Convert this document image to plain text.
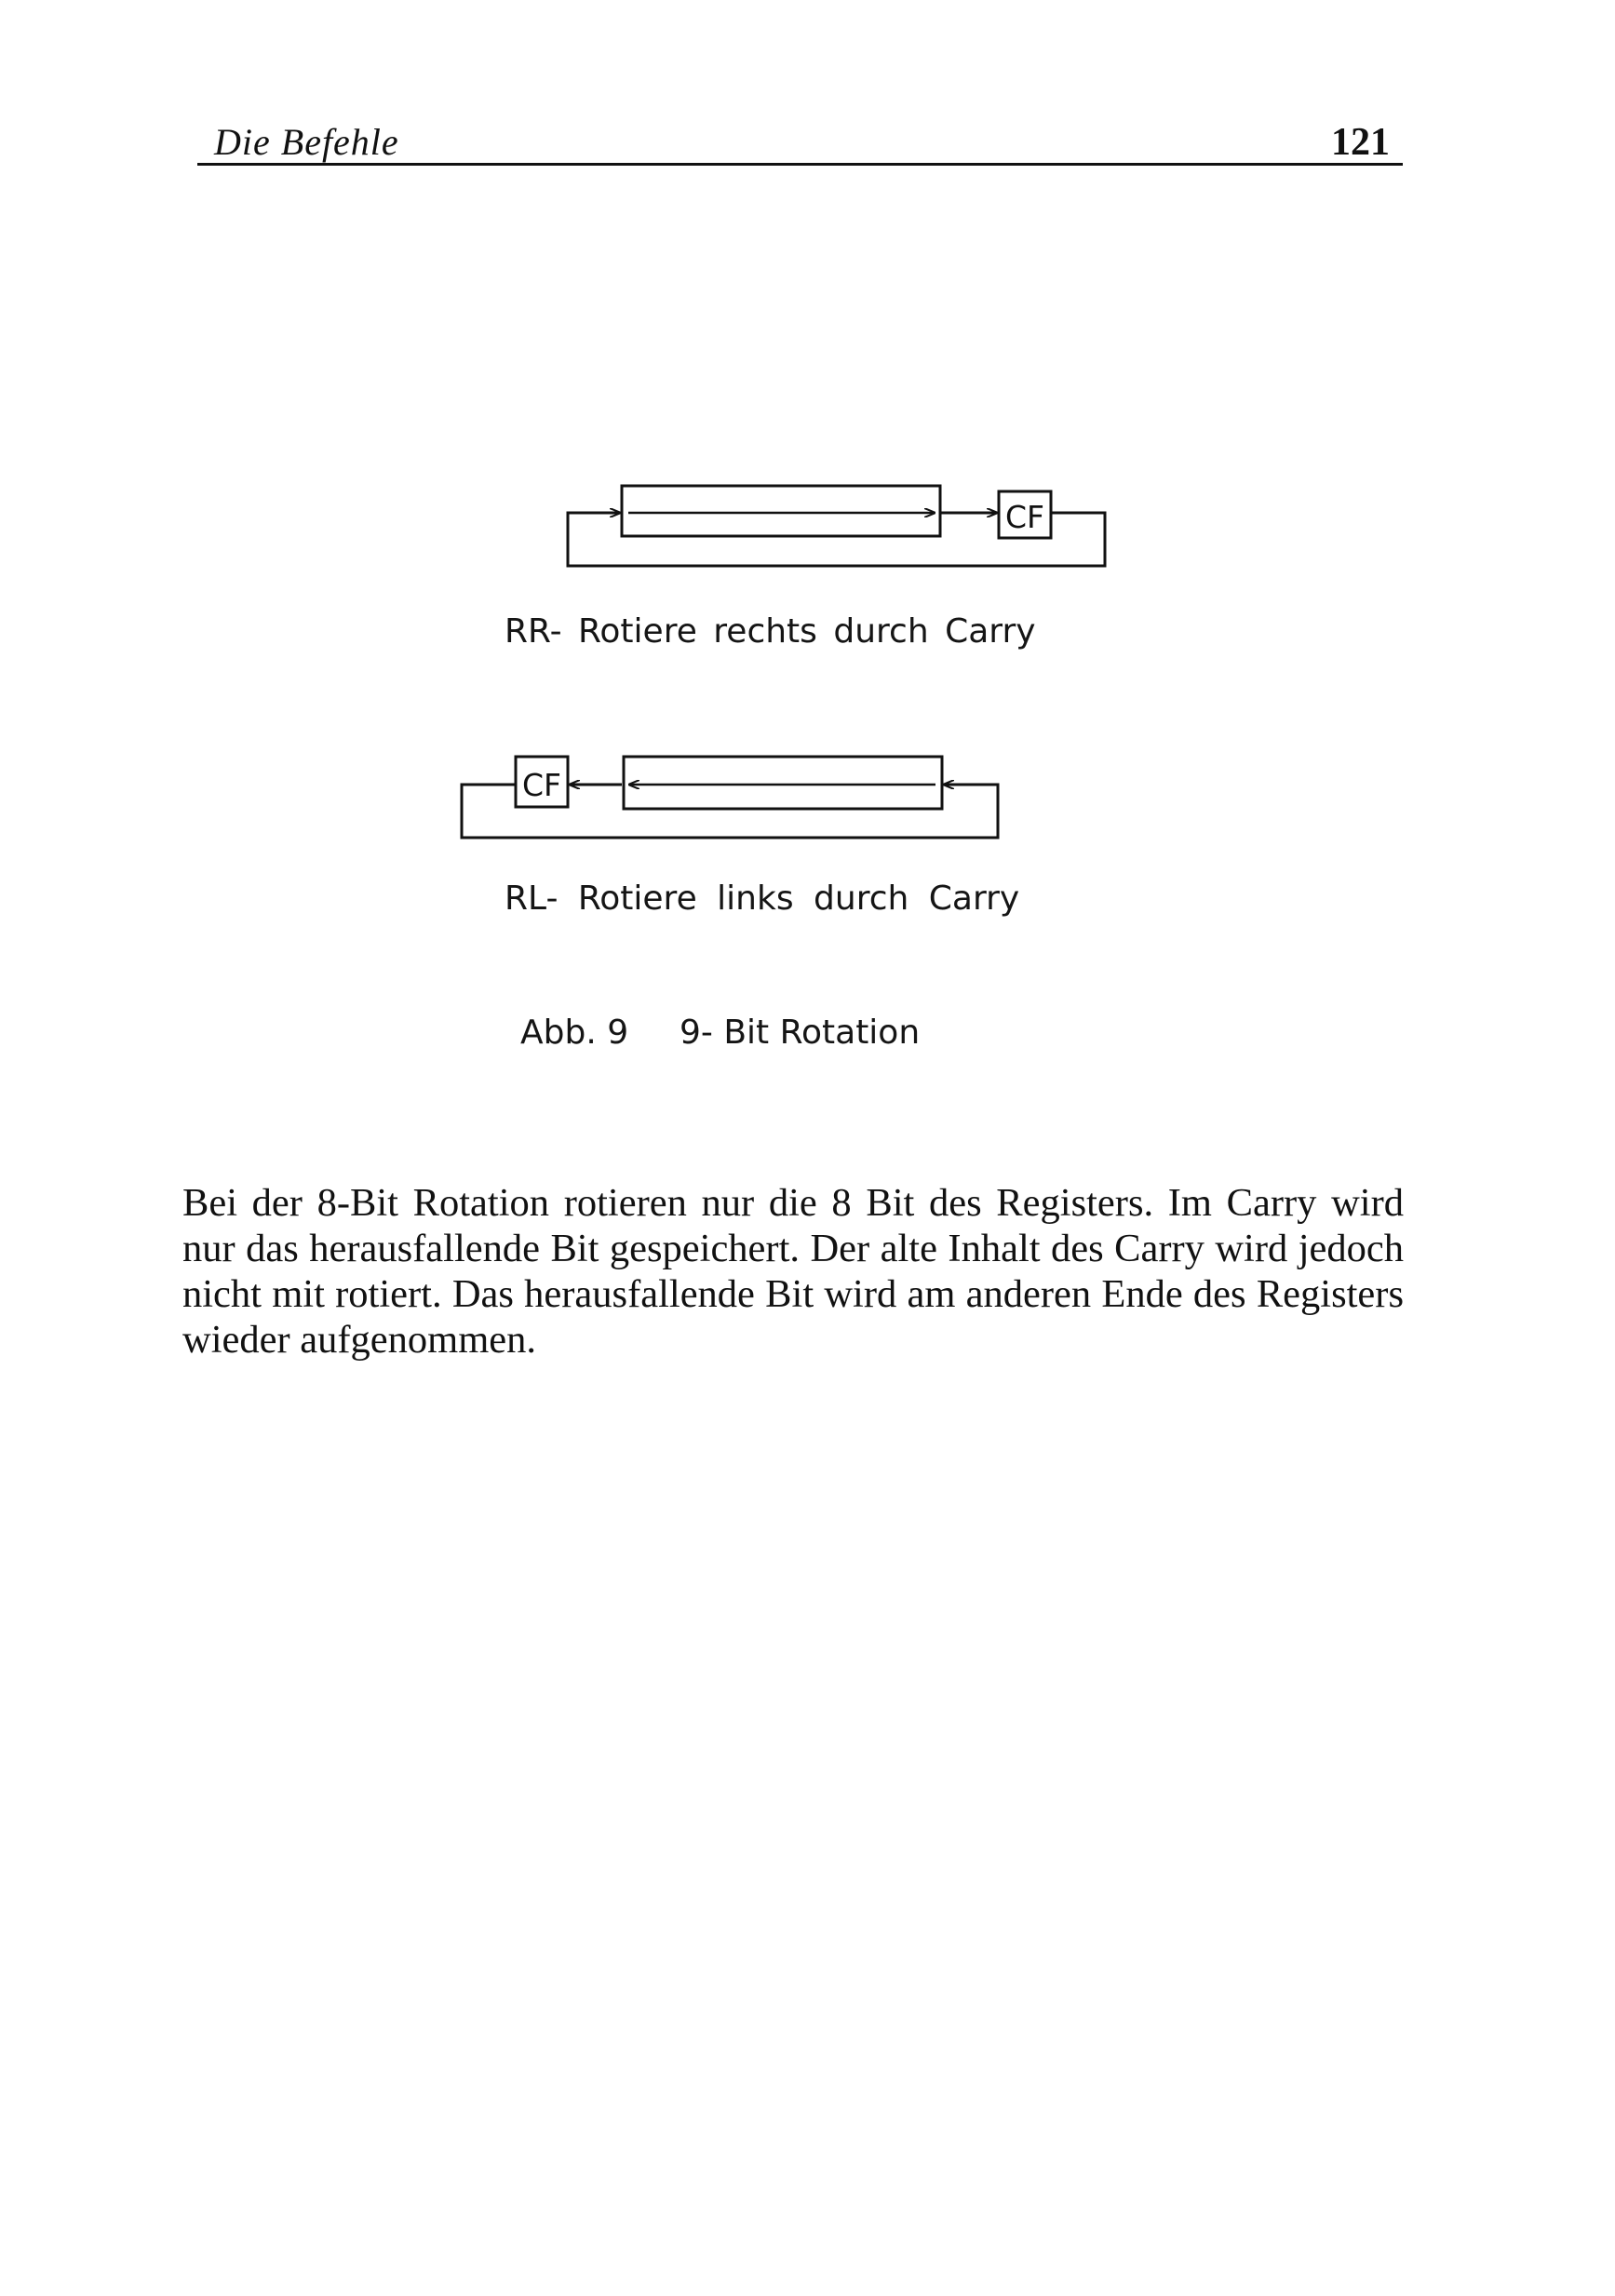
Die Befehle	121
CF
CF
RR- Rotiere rechts durch Carry
RL- Rotiere links durch Carry
Abb. 9 9- Bit Rotation

Bei der 8-Bit Rotation rotieren nur die 8 Bit des Registers. Im Carry wird nur das herausfallende Bit gespeichert. Der alte Inhalt des Carry wird jedoch nicht mit rotiert. Das herausfallende Bit wird am anderen Ende des Registers wieder aufgenommen.
